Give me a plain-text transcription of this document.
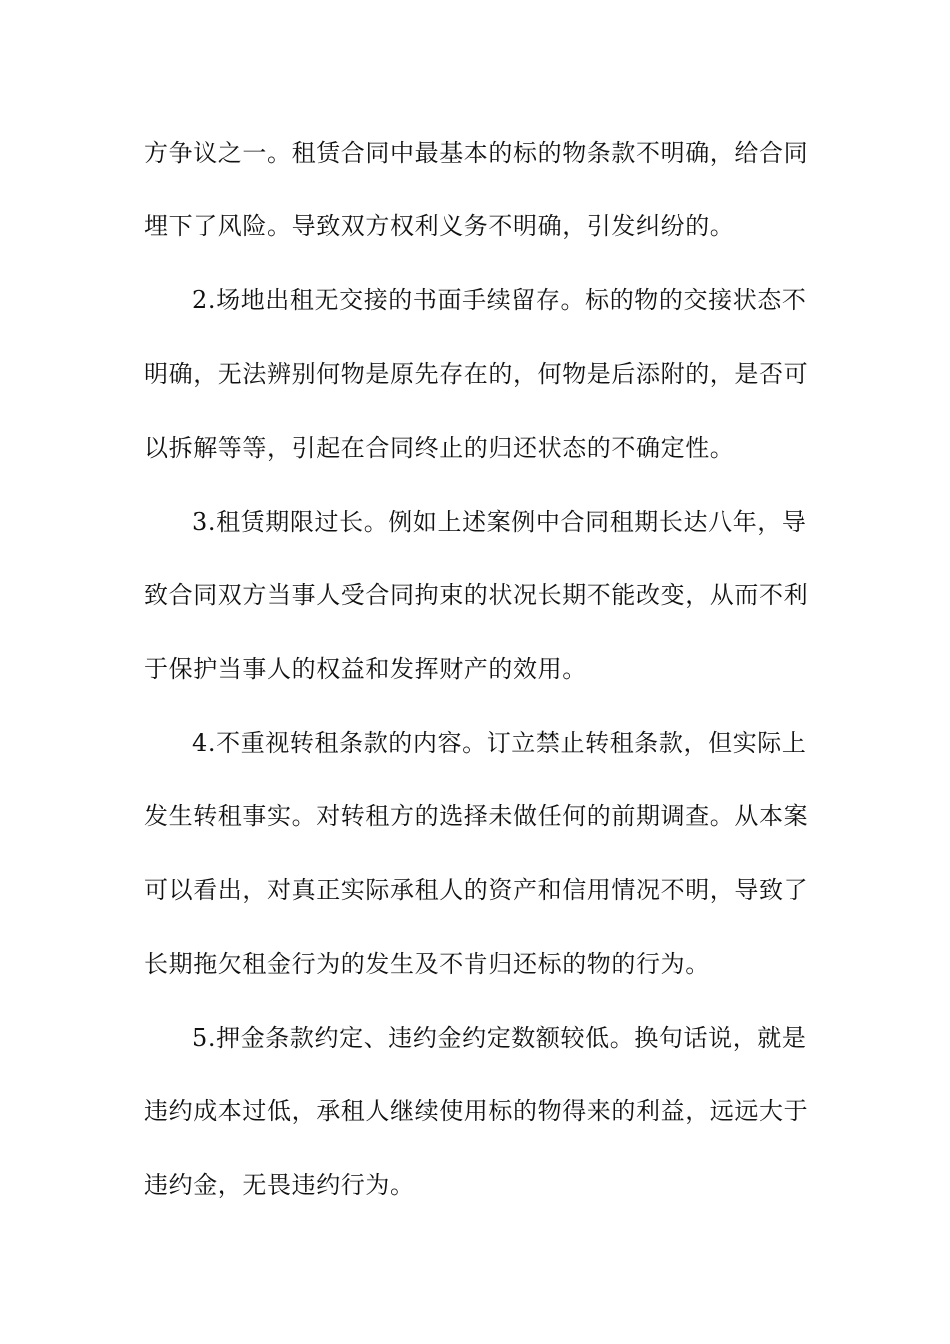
方争议之一。租赁合同中最基本的标的物条款不明确，给合同
埋下了风险。导致双方权利义务不明确，引发纠纷的。
2.场地出租无交接的书面手续留存。标的物的交接状态不
明确，无法辨别何物是原先存在的，何物是后添附的，是否可
以拆解等等，引起在合同终止的归还状态的不确定性。
3.租赁期限过长。例如上述案例中合同租期长达八年，导
致合同双方当事人受合同拘束的状况长期不能改变，从而不利
于保护当事人的权益和发挥财产的效用。
4.不重视转租条款的内容。订立禁止转租条款，但实际上
发生转租事实。对转租方的选择未做任何的前期调查。从本案
可以看出，对真正实际承租人的资产和信用情况不明，导致了
长期拖欠租金行为的发生及不肯归还标的物的行为。
5.押金条款约定、违约金约定数额较低。换句话说，就是
违约成本过低，承租人继续使用标的物得来的利益，远远大于
违约金，无畏违约行为。
